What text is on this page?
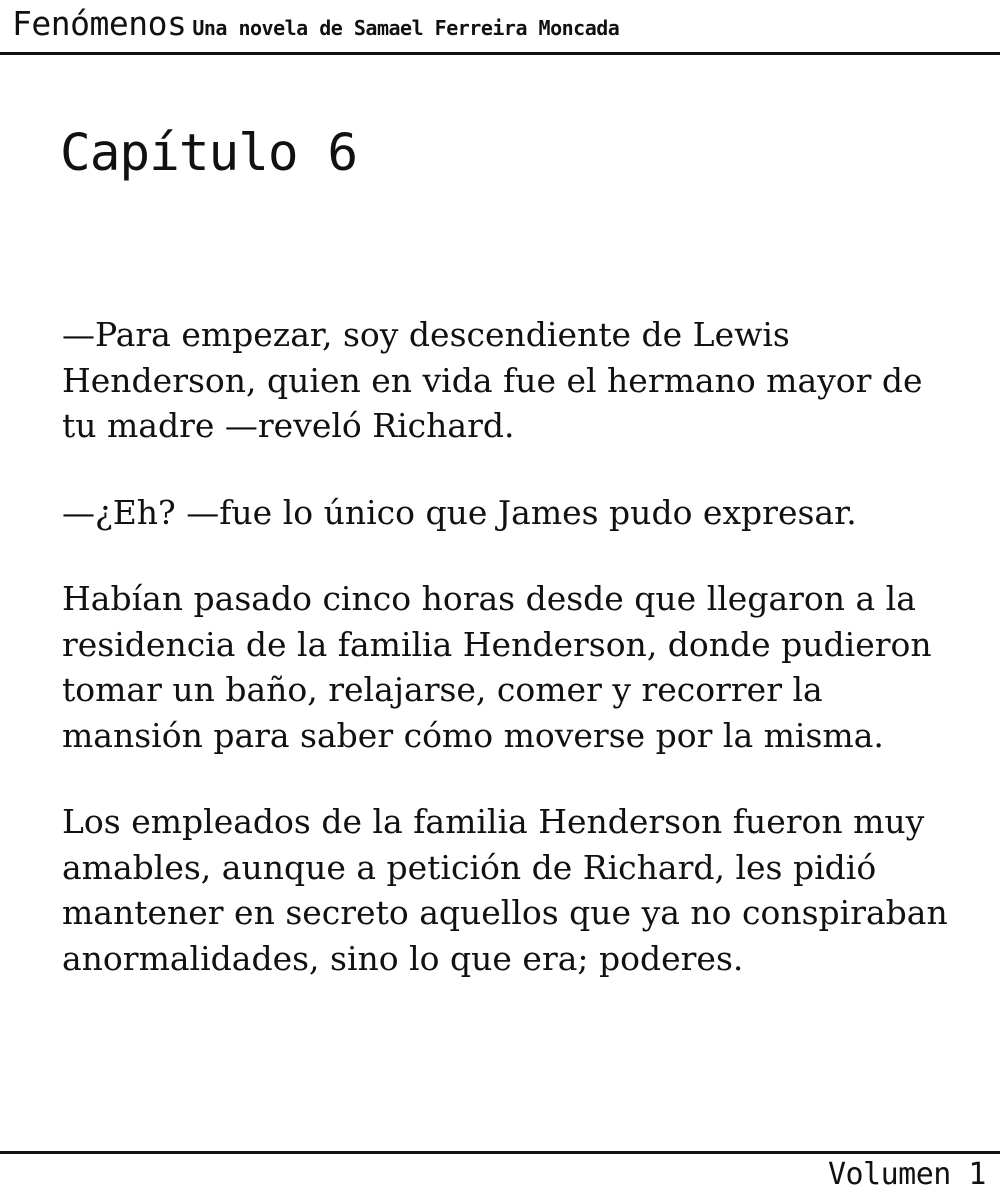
Fenómenos Una novela de Samael Ferreira Moncada
Capítulo 6

—Para empezar, soy descendiente de Lewis Henderson, quien en vida fue el hermano mayor de tu madre —reveló Richard.

—¿Eh? —fue lo único que James pudo expresar.

Habían pasado cinco horas desde que llegaron a la residencia de la familia Henderson, donde pudieron tomar un baño, relajarse, comer y recorrer la mansión para saber cómo moverse por la misma.

Los empleados de la familia Henderson fueron muy amables, aunque a petición de Richard, les pidió mantener en secreto aquellos que ya no conspiraban anormalidades, sino lo que era; poderes.

Volumen 1
